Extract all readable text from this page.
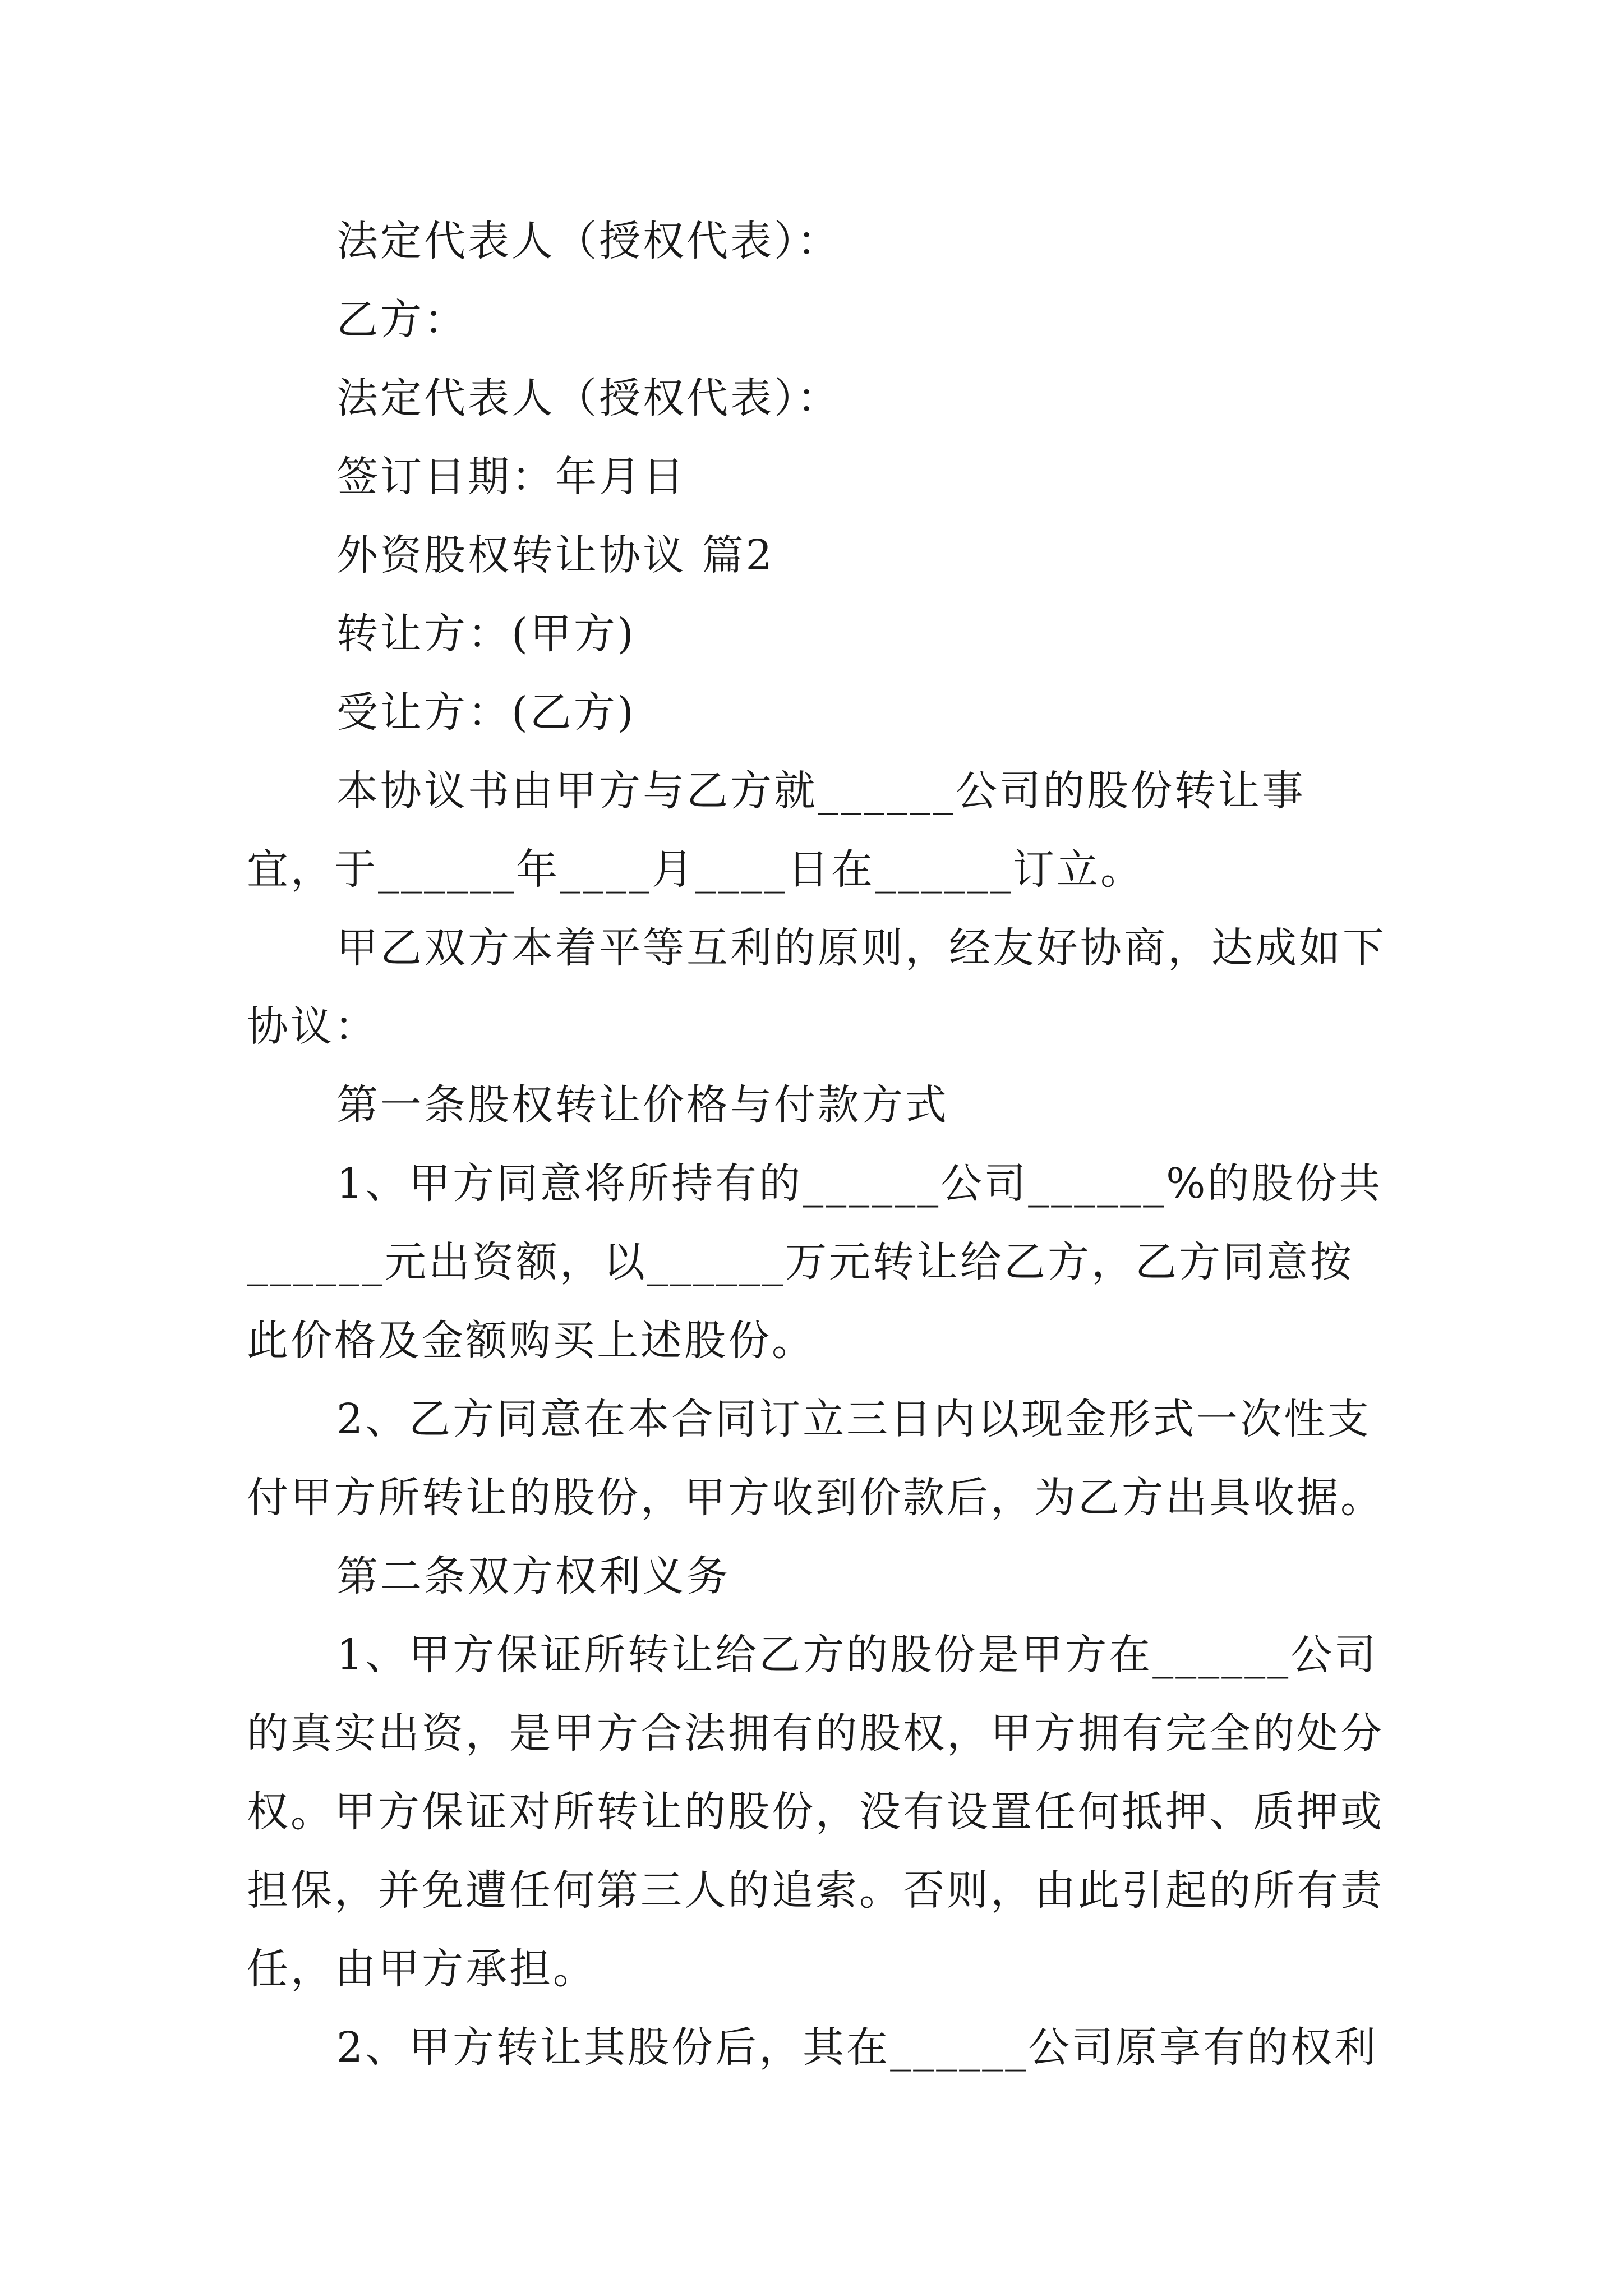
法定代表人（授权代表）：

乙方：

法定代表人（授权代表）：

签订日期：年月日

外资股权转让协议 篇2

转让方：(甲方)

受让方：(乙方)

本协议书由甲方与乙方就______公司的股份转让事宜，于______年____月____日在______订立。

甲乙双方本着平等互利的原则，经友好协商，达成如下协议：

第一条股权转让价格与付款方式

1、甲方同意将所持有的______公司______%的股份共______元出资额，以______万元转让给乙方，乙方同意按此价格及金额购买上述股份。

2、乙方同意在本合同订立三日内以现金形式一次性支付甲方所转让的股份，甲方收到价款后，为乙方出具收据。

第二条双方权利义务

1、甲方保证所转让给乙方的股份是甲方在______公司的真实出资，是甲方合法拥有的股权，甲方拥有完全的处分权。甲方保证对所转让的股份，没有设置任何抵押、质押或担保，并免遭任何第三人的追索。否则，由此引起的所有责任，由甲方承担。

2、甲方转让其股份后，其在______公司原享有的权利
